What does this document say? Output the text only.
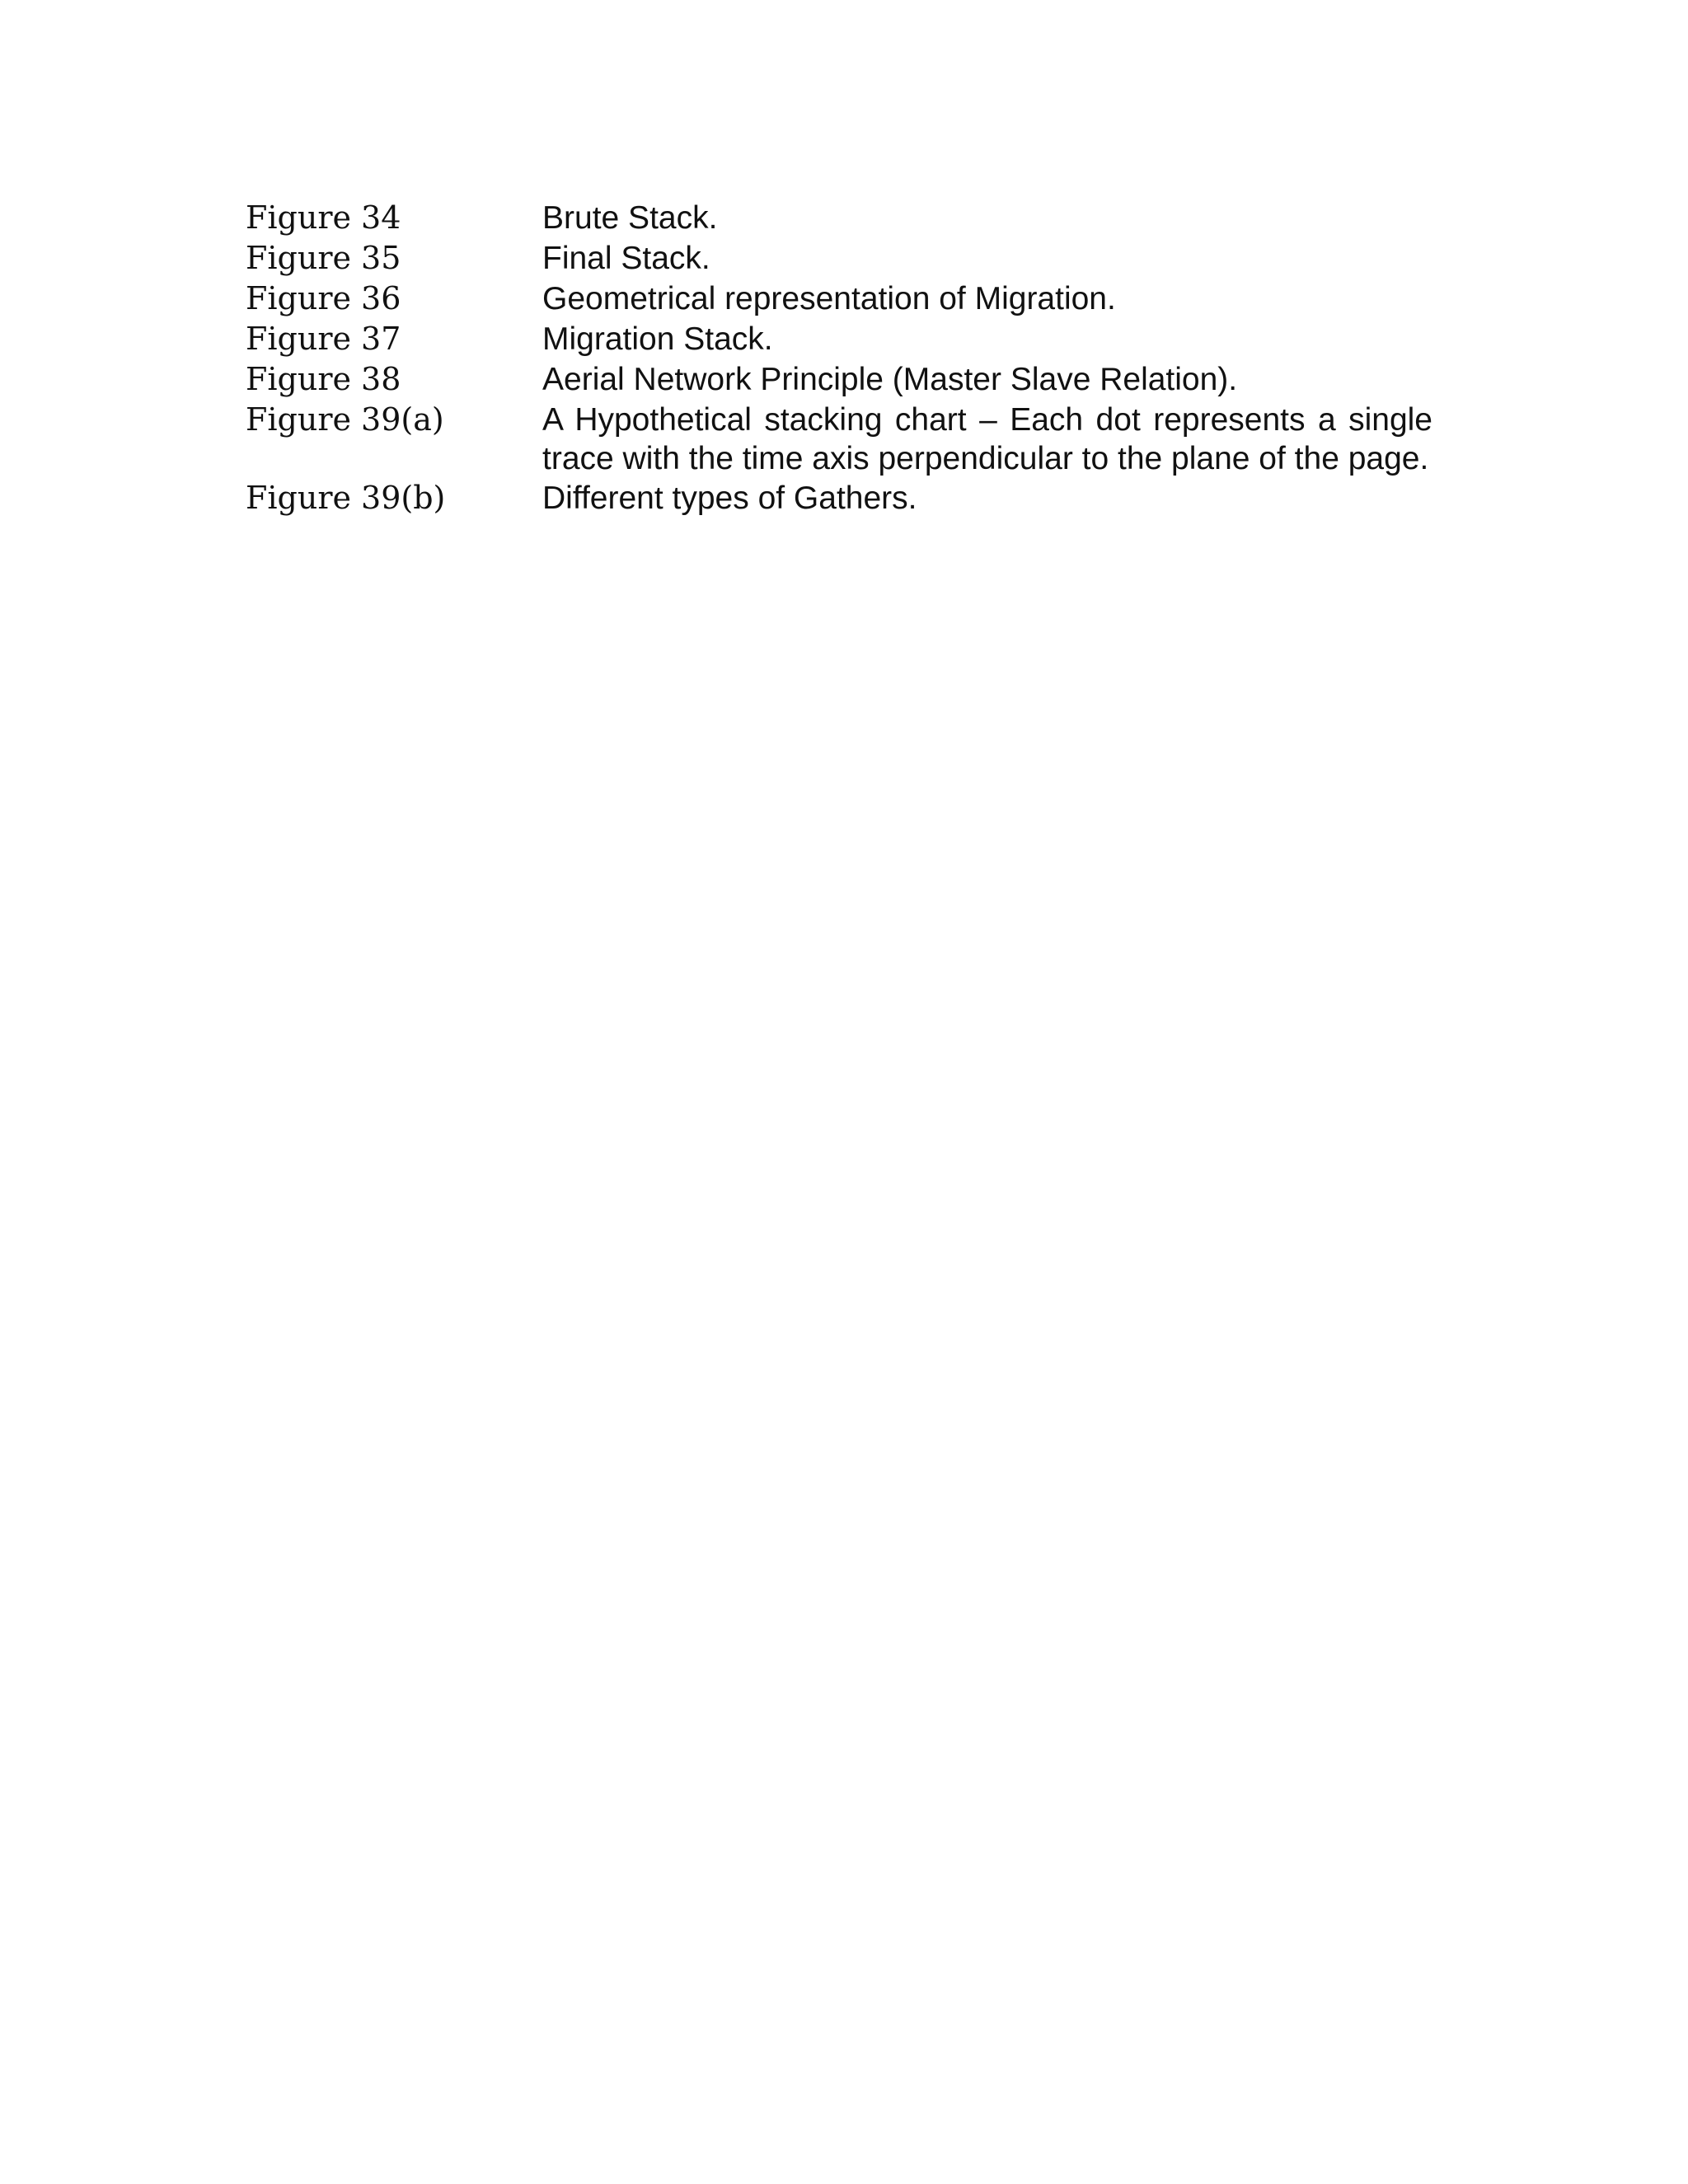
Figure 34	Brute Stack.
Figure 35	Final Stack.
Figure 36	Geometrical representation of Migration.
Figure 37	Migration Stack.
Figure 38	Aerial Network Principle (Master Slave Relation).
Figure 39(a)	A Hypothetical stacking chart – Each dot represents a single trace with the time axis perpendicular to the plane of the page.
Figure 39(b)	Different types of Gathers.
